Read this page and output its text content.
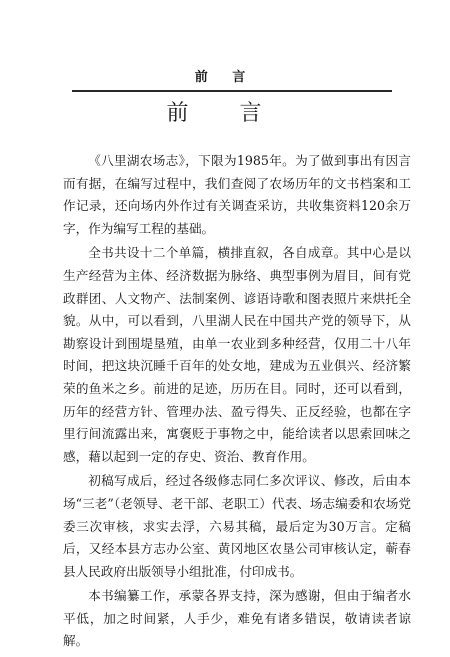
前 言
前 言

《八里湖农场志》，下限为1985年。为了做到事出有因言而有据，在编写过程中，我们查阅了农场历年的文书档案和工作记录，还向场内外作过有关调查采访，共收集资料120余万字，作为编写工程的基础。

全书共设十二个单篇，横排直叙，各自成章。其中心是以生产经营为主体、经济数据为脉络、典型事例为眉目，间有党政群团、人文物产、法制案例、谚语诗歌和图表照片来烘托全貌。从中，可以看到，八里湖人民在中国共产党的领导下，从勘察设计到围堤垦殖，由单一农业到多种经营，仅用二十八年时间，把这块沉睡千百年的处女地，建成为五业俱兴、经济繁荣的鱼米之乡。前进的足迹，历历在目。同时，还可以看到，历年的经营方针、管理办法、盈亏得失、正反经验，也都在字里行间流露出来，寓褒贬于事物之中，能给读者以思索回味之感，藉以起到一定的存史、资治、教育作用。

初稿写成后，经过各级修志同仁多次评议、修改，后由本场“三老”（老领导、老干部、老职工）代表、场志编委和农场党委三次审核，求实去浮，六易其稿，最后定为30万言。定稿后，又经本县方志办公室、黄冈地区农垦公司审核认定，蕲春县人民政府出版领导小组批准，付印成书。

本书编纂工作，承蒙各界支持，深为感谢，但由于编者水平低，加之时间紧，人手少，难免有诸多错误，敬请读者谅解。
